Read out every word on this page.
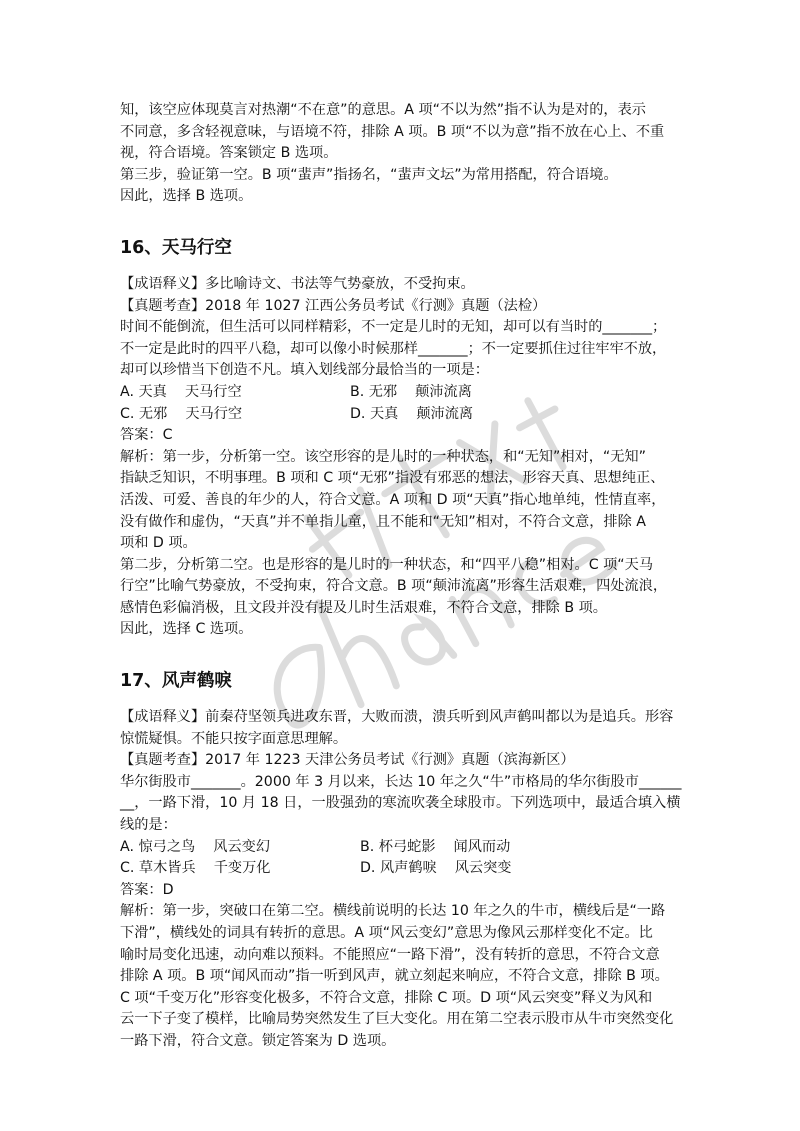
Chance

知，该空应体现莫言对热潮“不在意”的意思。A 项“不以为然”指不认为是对的，表示

不同意，多含轻视意味，与语境不符，排除 A 项。B 项“不以为意”指不放在心上、不重

视，符合语境。答案锁定 B 选项。

第三步，验证第一空。B 项“蜚声”指扬名，“蜚声文坛”为常用搭配，符合语境。

因此，选择 B 选项。

16、天马行空

【成语释义】多比喻诗文、书法等气势豪放，不受拘束。

【真题考查】2018 年 1027 江西公务员考试《行测》真题（法检）

时间不能倒流，但生活可以同样精彩，不一定是儿时的无知，却可以有当时的_______；

不一定是此时的四平八稳，却可以像小时候那样_______；不一定要抓住过往牢牢不放，

却可以珍惜当下创造不凡。填入划线部分最恰当的一项是：

A. 天真    天马行空	B. 无邪    颠沛流离
C. 无邪    天马行空	D. 天真    颠沛流离

答案：C

解析：第一步，分析第一空。该空形容的是儿时的一种状态，和“无知”相对，“无知”

指缺乏知识，不明事理。B 项和 C 项“无邪”指没有邪恶的想法，形容天真、思想纯正、

活泼、可爱、善良的年少的人，符合文意。A 项和 D 项“天真”指心地单纯，性情直率，

没有做作和虚伪，“天真”并不单指儿童，且不能和“无知”相对，不符合文意，排除 A

项和 D 项。

第二步，分析第二空。也是形容的是儿时的一种状态，和“四平八稳”相对。C 项“天马

行空”比喻气势豪放，不受拘束，符合文意。B 项“颠沛流离”形容生活艰难，四处流浪，

感情色彩偏消极，且文段并没有提及儿时生活艰难，不符合文意，排除 B 项。

因此，选择 C 选项。

17、风声鹤唳

【成语释义】前秦苻坚领兵进攻东晋，大败而溃，溃兵听到风声鹤叫都以为是追兵。形容

惊慌疑惧。不能只按字面意思理解。

【真题考查】2017 年 1223 天津公务员考试《行测》真题（滨海新区）

华尔街股市_______。2000 年 3 月以来，长达 10 年之久“牛”市格局的华尔街股市______

__，一路下滑，10 月 18 日，一股强劲的寒流吹袭全球股市。下列选项中，最适合填入横

线的是：

A. 惊弓之鸟    风云变幻	B. 杯弓蛇影    闻风而动
C. 草木皆兵    千变万化	D. 风声鹤唳    风云突变

答案：D

解析：第一步，突破口在第二空。横线前说明的长达 10 年之久的牛市，横线后是“一路

下滑”，横线处的词具有转折的意思。A 项“风云变幻”意思为像风云那样变化不定。比

喻时局变化迅速，动向难以预料。不能照应“一路下滑”，没有转折的意思，不符合文意

排除 A 项。B 项“闻风而动”指一听到风声，就立刻起来响应，不符合文意，排除 B 项。

C 项“千变万化”形容变化极多，不符合文意，排除 C 项。D 项“风云突变”释义为风和

云一下子变了模样，比喻局势突然发生了巨大变化。用在第二空表示股市从牛市突然变化

一路下滑，符合文意。锁定答案为 D 选项。
